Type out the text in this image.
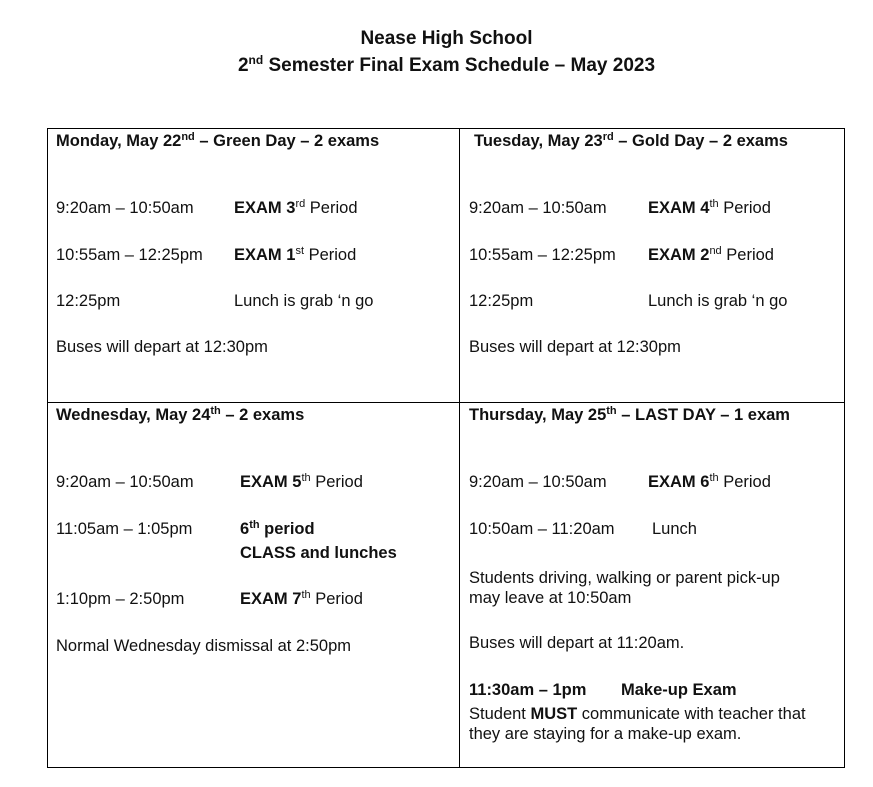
Nease High School
2nd Semester Final Exam Schedule – May 2023
Monday, May 22nd – Green Day – 2 exams
9:20am – 10:50am EXAM 3rd Period
10:55am – 12:25pm EXAM 1st Period
12:25pm	Lunch is grab ‘n go
Buses will depart at 12:30pm
Tuesday, May 23rd – Gold Day – 2 exams
9:20am – 10:50am	EXAM 4th Period
10:55am – 12:25pm EXAM 2nd Period
12:25pm	Lunch is grab ‘n go
Buses will depart at 12:30pm
Wednesday, May 24th – 2 exams
9:20am – 10:50am	EXAM 5th Period
11:05am – 1:05pm	6th period
CLASS and lunches
1:10pm – 2:50pm	EXAM 7th Period
Normal Wednesday dismissal at 2:50pm
Thursday, May 25th – LAST DAY – 1 exam
9:20am – 10:50am	EXAM 6th Period
10:50am – 11:20am Lunch
Students driving, walking or parent pick-up
may leave at 10:50am
Buses will depart at 11:20am.
11:30am – 1pm Make-up Exam
Student MUST communicate with teacher that
they are staying for a make-up exam.
